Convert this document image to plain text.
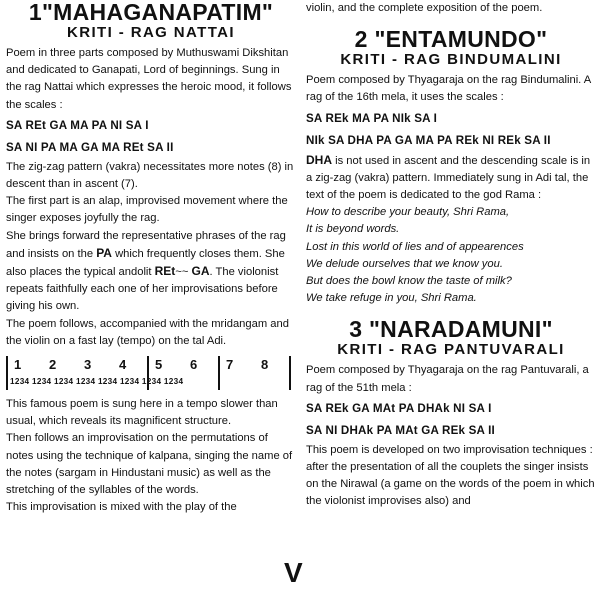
1"MAHAGANAPATIM"
KRITI - RAG NATTAI

Poem in three parts composed by Muthuswami Dikshitan and dedicated to Ganapati, Lord of beginnings. Sung in the rag Nattai which expresses the heroic mood, it follows the scales :

SA REt GA MA PA NI SA I
SA NI PA MA GA MA REt SA II

The zig-zag pattern (vakra) necessitates more notes (8) in descent than in ascent (7).

The first part is an alap, improvised movement where the singer exposes joyfully the rag.

She brings forward the representative phrases of the rag and insists on the PA which frequently closes them. She also places the typical andolit REt~~ GA. The violonist repeats faithfully each one of her improvisations before giving his own.

The poem follows, accompanied with the mridangam and the violin on a fast lay (tempo) on the tal Adi.

1 2 3 4 5 6 7 8
1234 1234 1234 1234 1234 1234 1234 1234

This famous poem is sung here in a tempo slower than usual, which reveals its magnificent structure.

Then follows an improvisation on the permutations of notes using the technique of kalpana, singing the name of the notes (sargam in Hindustani music) as well as the stretching of the syllables of the words.

This improvisation is mixed with the play of the

violin, and the complete exposition of the poem.

2 "ENTAMUNDO"
KRITI - RAG BINDUMALINI

Poem composed by Thyagaraja on the rag Bindumalini. A rag of the 16th mela, it uses the scales :

SA REk MA PA NIk SA I
NIk SA DHA PA GA MA PA REk NI REk SA II

DHA is not used in ascent and the descending scale is in a zig-zag (vakra) pattern. Immediately sung in Adi tal, the text of the poem is dedicated to the god Rama :

How to describe your beauty, Shri Rama,

It is beyond words.

Lost in this world of lies and of appearences

We delude ourselves that we know you.

But does the bowl know the taste of milk?

We take refuge in you, Shri Rama.

3 "NARADAMUNI"
KRITI - RAG PANTUVARALI

Poem composed by Thyagaraja on the rag Pantuvarali, a rag of the 51th mela :

SA REk GA MAt PA DHAk NI SA I
SA NI DHAk PA MAt GA REk SA II

This poem is developed on two improvisation techniques : after the presentation of all the couplets the singer insists on the Nirawal (a game on the words of the poem in which the violonist improvises also) and

V
